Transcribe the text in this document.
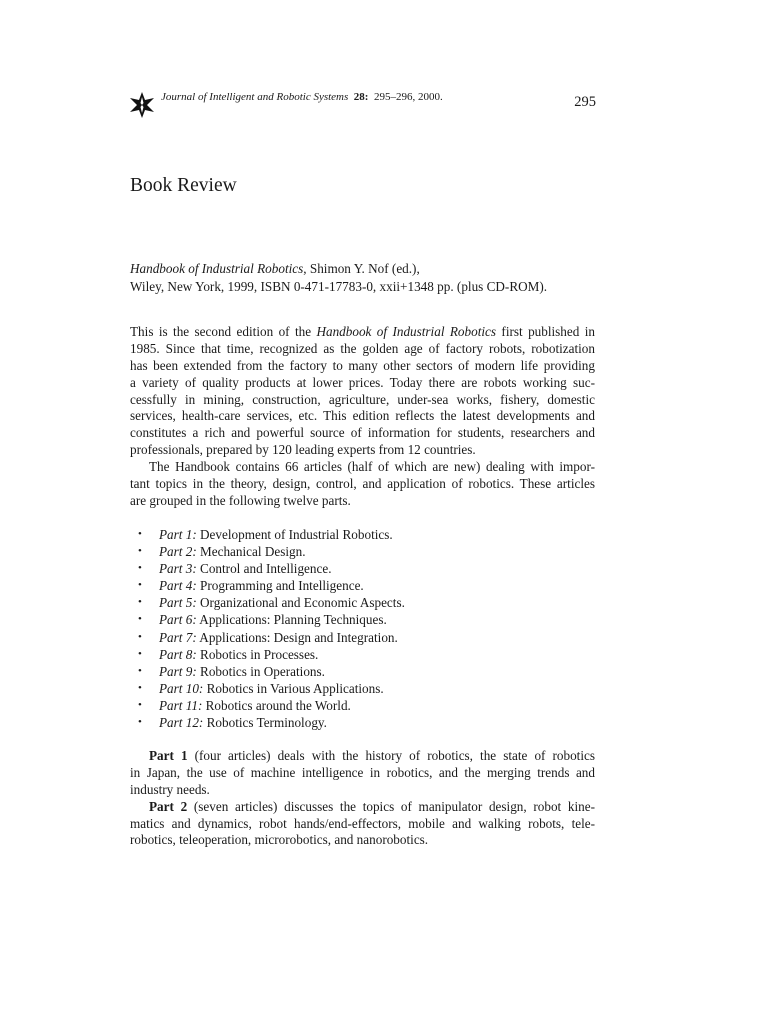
Journal of Intelligent and Robotic Systems 28: 295–296, 2000.	295
Book Review
Handbook of Industrial Robotics, Shimon Y. Nof (ed.),
Wiley, New York, 1999, ISBN 0-471-17783-0, xxii+1348 pp. (plus CD-ROM).
This is the second edition of the Handbook of Industrial Robotics first published in
1985. Since that time, recognized as the golden age of factory robots, robotization
has been extended from the factory to many other sectors of modern life providing
a variety of quality products at lower prices. Today there are robots working suc-
cessfully in mining, construction, agriculture, under-sea works, fishery, domestic
services, health-care services, etc. This edition reflects the latest developments and
constitutes a rich and powerful source of information for students, researchers and
professionals, prepared by 120 leading experts from 12 countries.
The Handbook contains 66 articles (half of which are new) dealing with impor-
tant topics in the theory, design, control, and application of robotics. These articles
are grouped in the following twelve parts.
• Part 1: Development of Industrial Robotics.
• Part 2: Mechanical Design.
• Part 3: Control and Intelligence.
• Part 4: Programming and Intelligence.
• Part 5: Organizational and Economic Aspects.
• Part 6: Applications: Planning Techniques.
• Part 7: Applications: Design and Integration.
• Part 8: Robotics in Processes.
• Part 9: Robotics in Operations.
• Part 10: Robotics in Various Applications.
• Part 11: Robotics around the World.
• Part 12: Robotics Terminology.
Part 1 (four articles) deals with the history of robotics, the state of robotics
in Japan, the use of machine intelligence in robotics, and the merging trends and
industry needs.
Part 2 (seven articles) discusses the topics of manipulator design, robot kine-
matics and dynamics, robot hands/end-effectors, mobile and walking robots, tele-
robotics, teleoperation, microrobotics, and nanorobotics.
